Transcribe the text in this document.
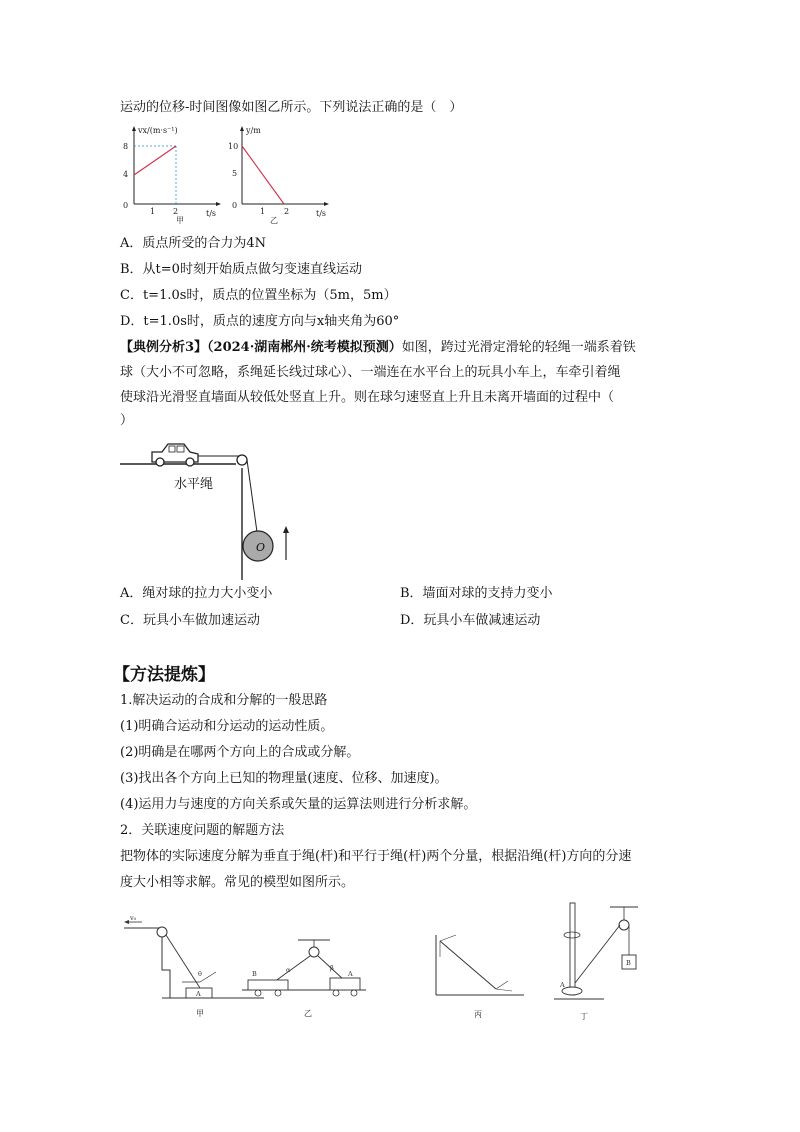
运动的位移-时间图像如图乙所示。下列说法正确的是（　）
vx/(m·s⁻¹)
t/s
8
4
0
1 2
甲
y/m
t/s
10
5
0
1 2
乙
A．质点所受的合力为4N
B．从t=0时刻开始质点做匀变速直线运动
C．t=1.0s时，质点的位置坐标为（5m，5m）
D．t=1.0s时，质点的速度方向与x轴夹角为60°
【典例分析3】（2024·湖南郴州·统考模拟预测）如图，跨过光滑定滑轮的轻绳一端系着铁
球（大小不可忽略，系绳延长线过球心）、一端连在水平台上的玩具小车上，车牵引着绳
使球沿光滑竖直墙面从较低处竖直上升。则在球匀速竖直上升且未离开墙面的过程中（
）
水平绳
O
A．绳对球的拉力大小变小	B．墙面对球的支持力变小
C．玩具小车做加速运动	D．玩具小车做减速运动
【方法提炼】
1.解决运动的合成和分解的一般思路
(1)明确合运动和分运动的运动性质。
(2)明确是在哪两个方向上的合成或分解。
(3)找出各个方向上已知的物理量(速度、位移、加速度)。
(4)运用力与速度的方向关系或矢量的运算法则进行分析求解。
2．关联速度问题的解题方法
把物体的实际速度分解为垂直于绳(杆)和平行于绳(杆)两个分量，根据沿绳(杆)方向的分速
度大小相等求解。常见的模型如图所示。
v₀
θ
A
甲
B	A
α	β
乙	丙
B
A
丁
